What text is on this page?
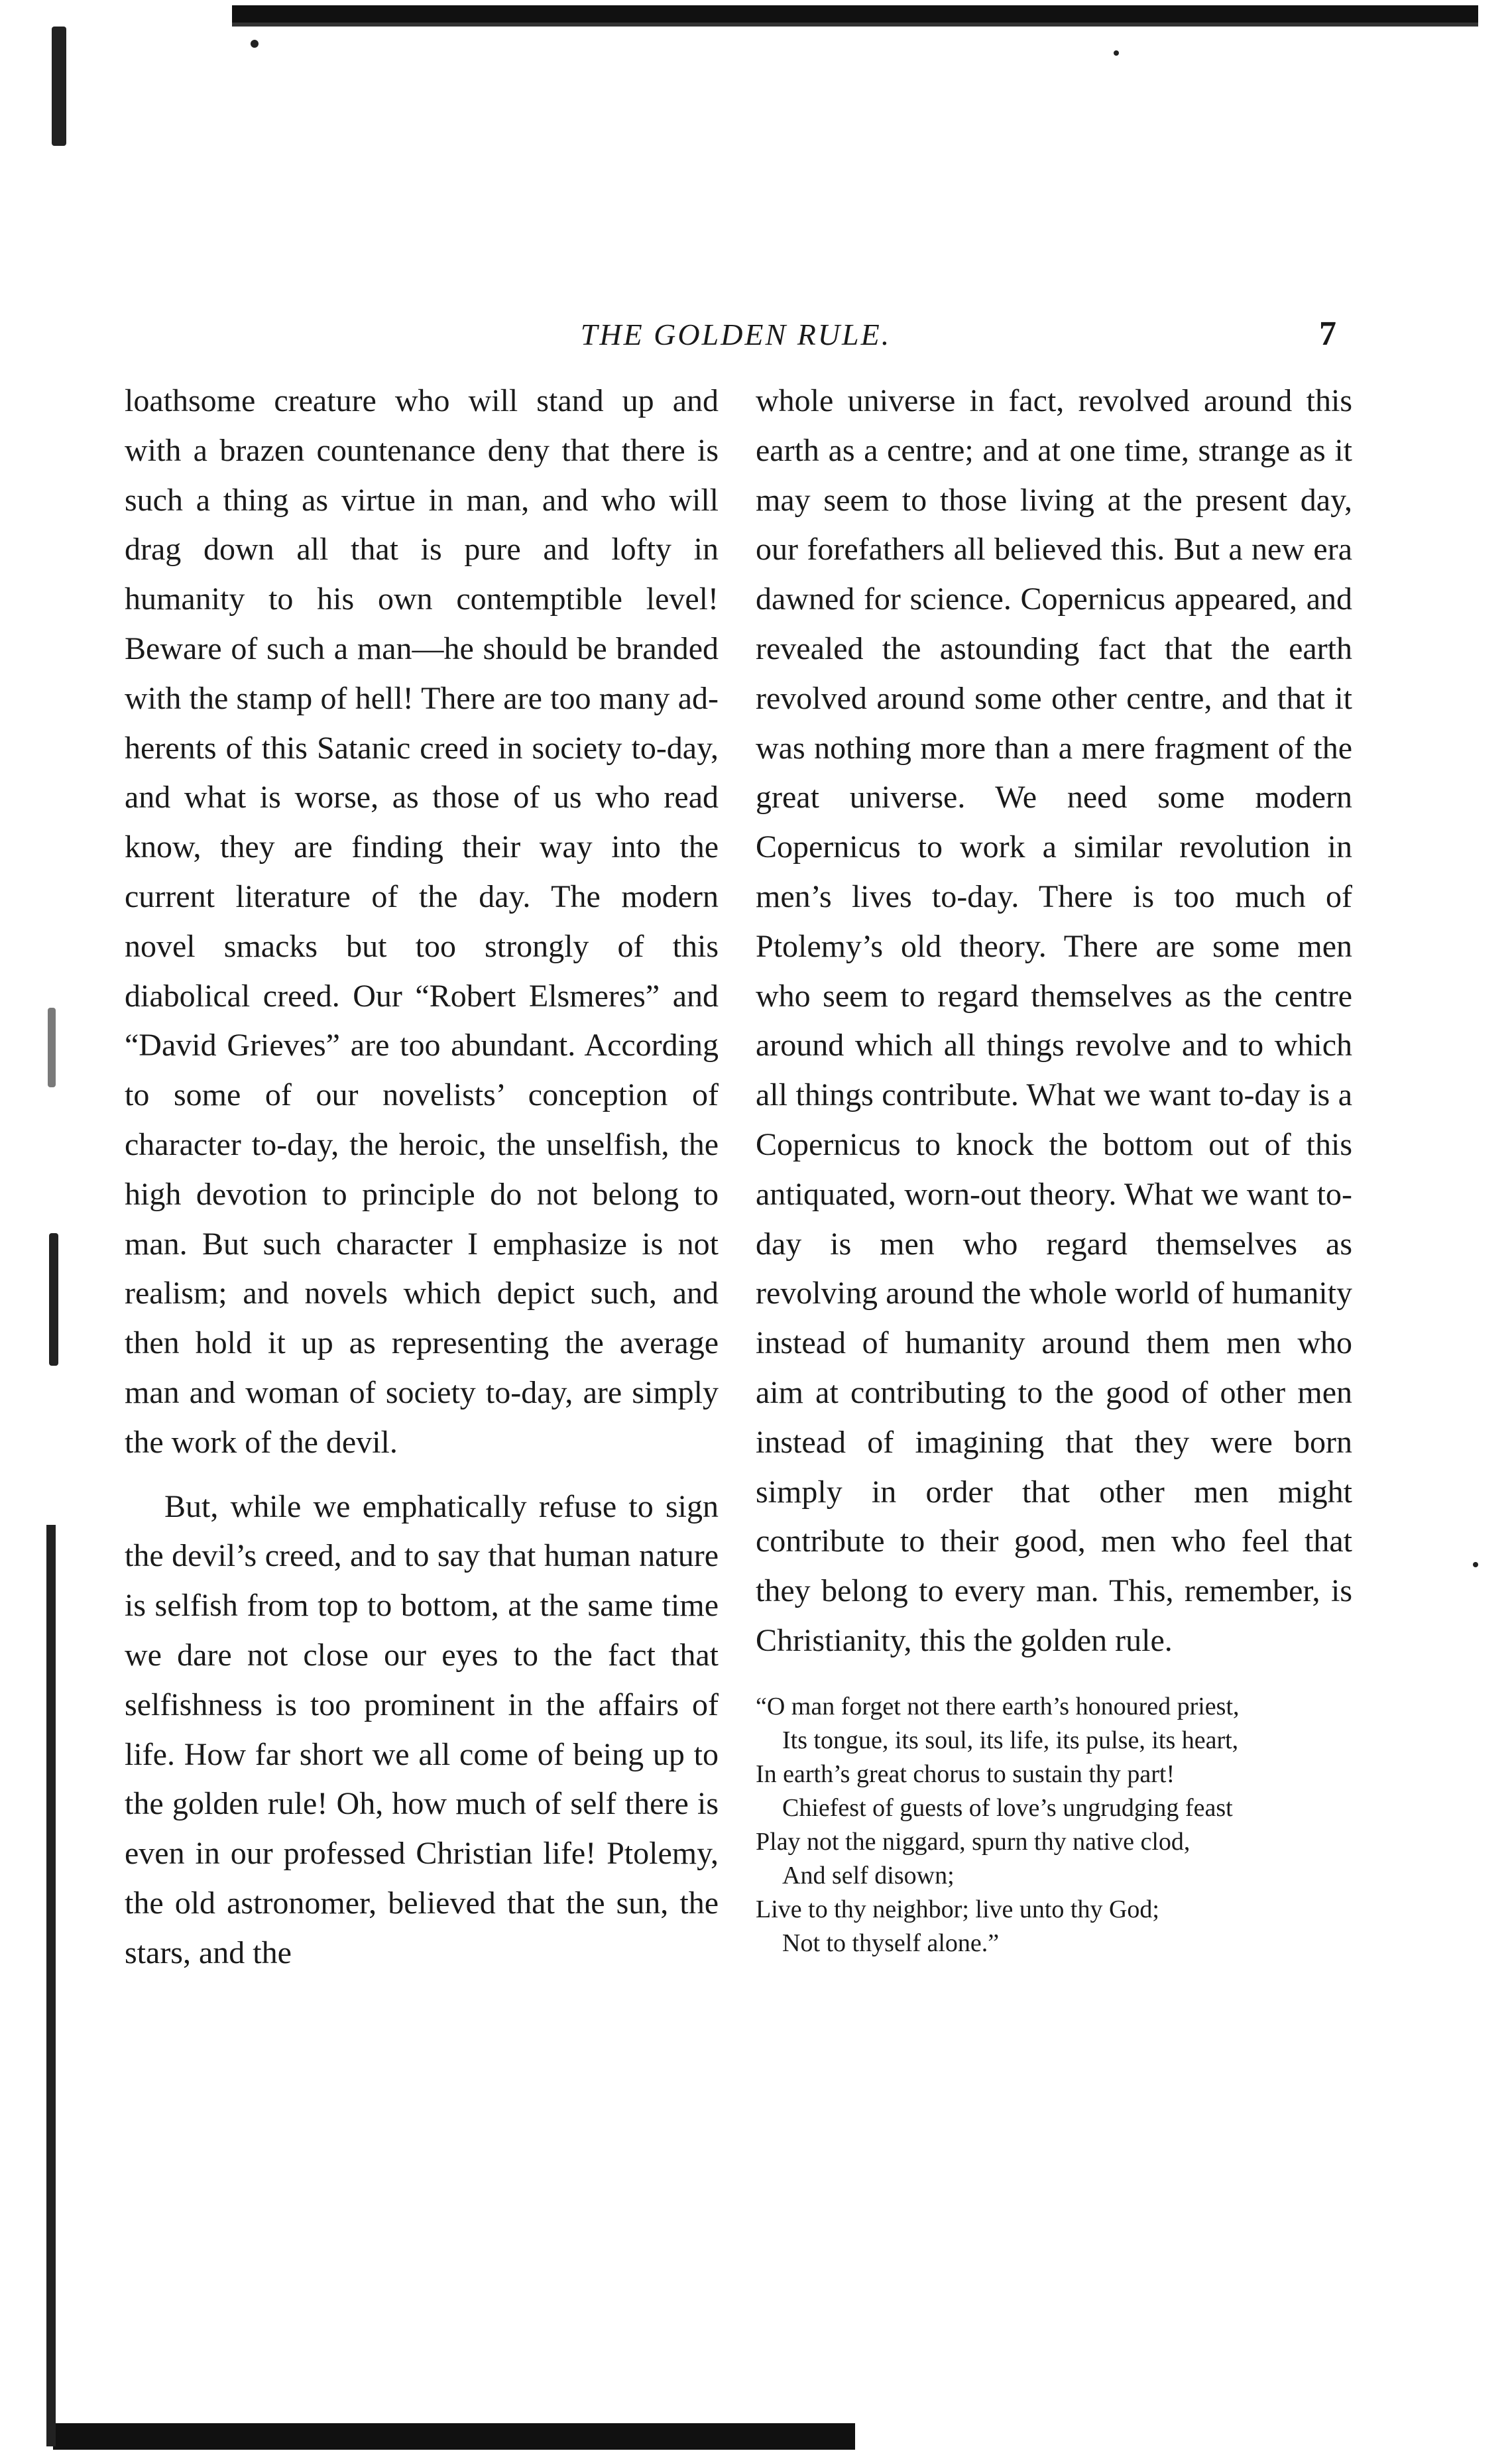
THE GOLDEN RULE.	7

loathsome creature who will stand up and with a brazen countenance deny that there is such a thing as virtue in man, and who will drag down all that is pure and lofty in humanity to his own contemptible level! Beware of such a man—he should be branded with the stamp of hell! There are too many adherents of this Satanic creed in society to-day, and what is worse, as those of us who read know, they are finding their way into the current literature of the day. The modern novel smacks but too strongly of this diabolical creed. Our “Robert Elsmeres” and “David Grieves” are too abundant. According to some of our novelists’ conception of character to-day, the heroic, the unselfish, the high devotion to principle do not belong to man. But such character I emphasize is not realism; and novels which depict such, and then hold it up as representing the average man and woman of society to-day, are simply the work of the devil.

But, while we emphatically refuse to sign the devil’s creed, and to say that human nature is selfish from top to bottom, at the same time we dare not close our eyes to the fact that selfishness is too prominent in the affairs of life. How far short we all come of being up to the golden rule! Oh, how much of self there is even in our professed Christian life! Ptolemy, the old astronomer, believed that the sun, the stars, and the

whole universe in fact, revolved around this earth as a centre; and at one time, strange as it may seem to those living at the present day, our forefathers all believed this. But a new era dawned for science. Copernicus appeared, and revealed the astounding fact that the earth revolved around some other centre, and that it was nothing more than a mere fragment of the great universe. We need some modern Copernicus to work a similar revolution in men’s lives to-day. There is too much of Ptolemy’s old theory. There are some men who seem to regard themselves as the centre around which all things revolve and to which all things contribute. What we want to-day is a Copernicus to knock the bottom out of this antiquated, worn-out theory. What we want to-day is men who regard themselves as revolving around the whole world of humanity instead of humanity around them men who aim at contributing to the good of other men instead of imagining that they were born simply in order that other men might contribute to their good, men who feel that they belong to every man. This, remember, is Christianity, this the golden rule.

“O man forget not there earth’s honoured priest,
Its tongue, its soul, its life, its pulse, its heart,
In earth’s great chorus to sustain thy part!
Chiefest of guests of love’s ungrudging feast
Play not the niggard, spurn thy native clod,
And self disown;
Live to thy neighbor; live unto thy God;
Not to thyself alone.”
